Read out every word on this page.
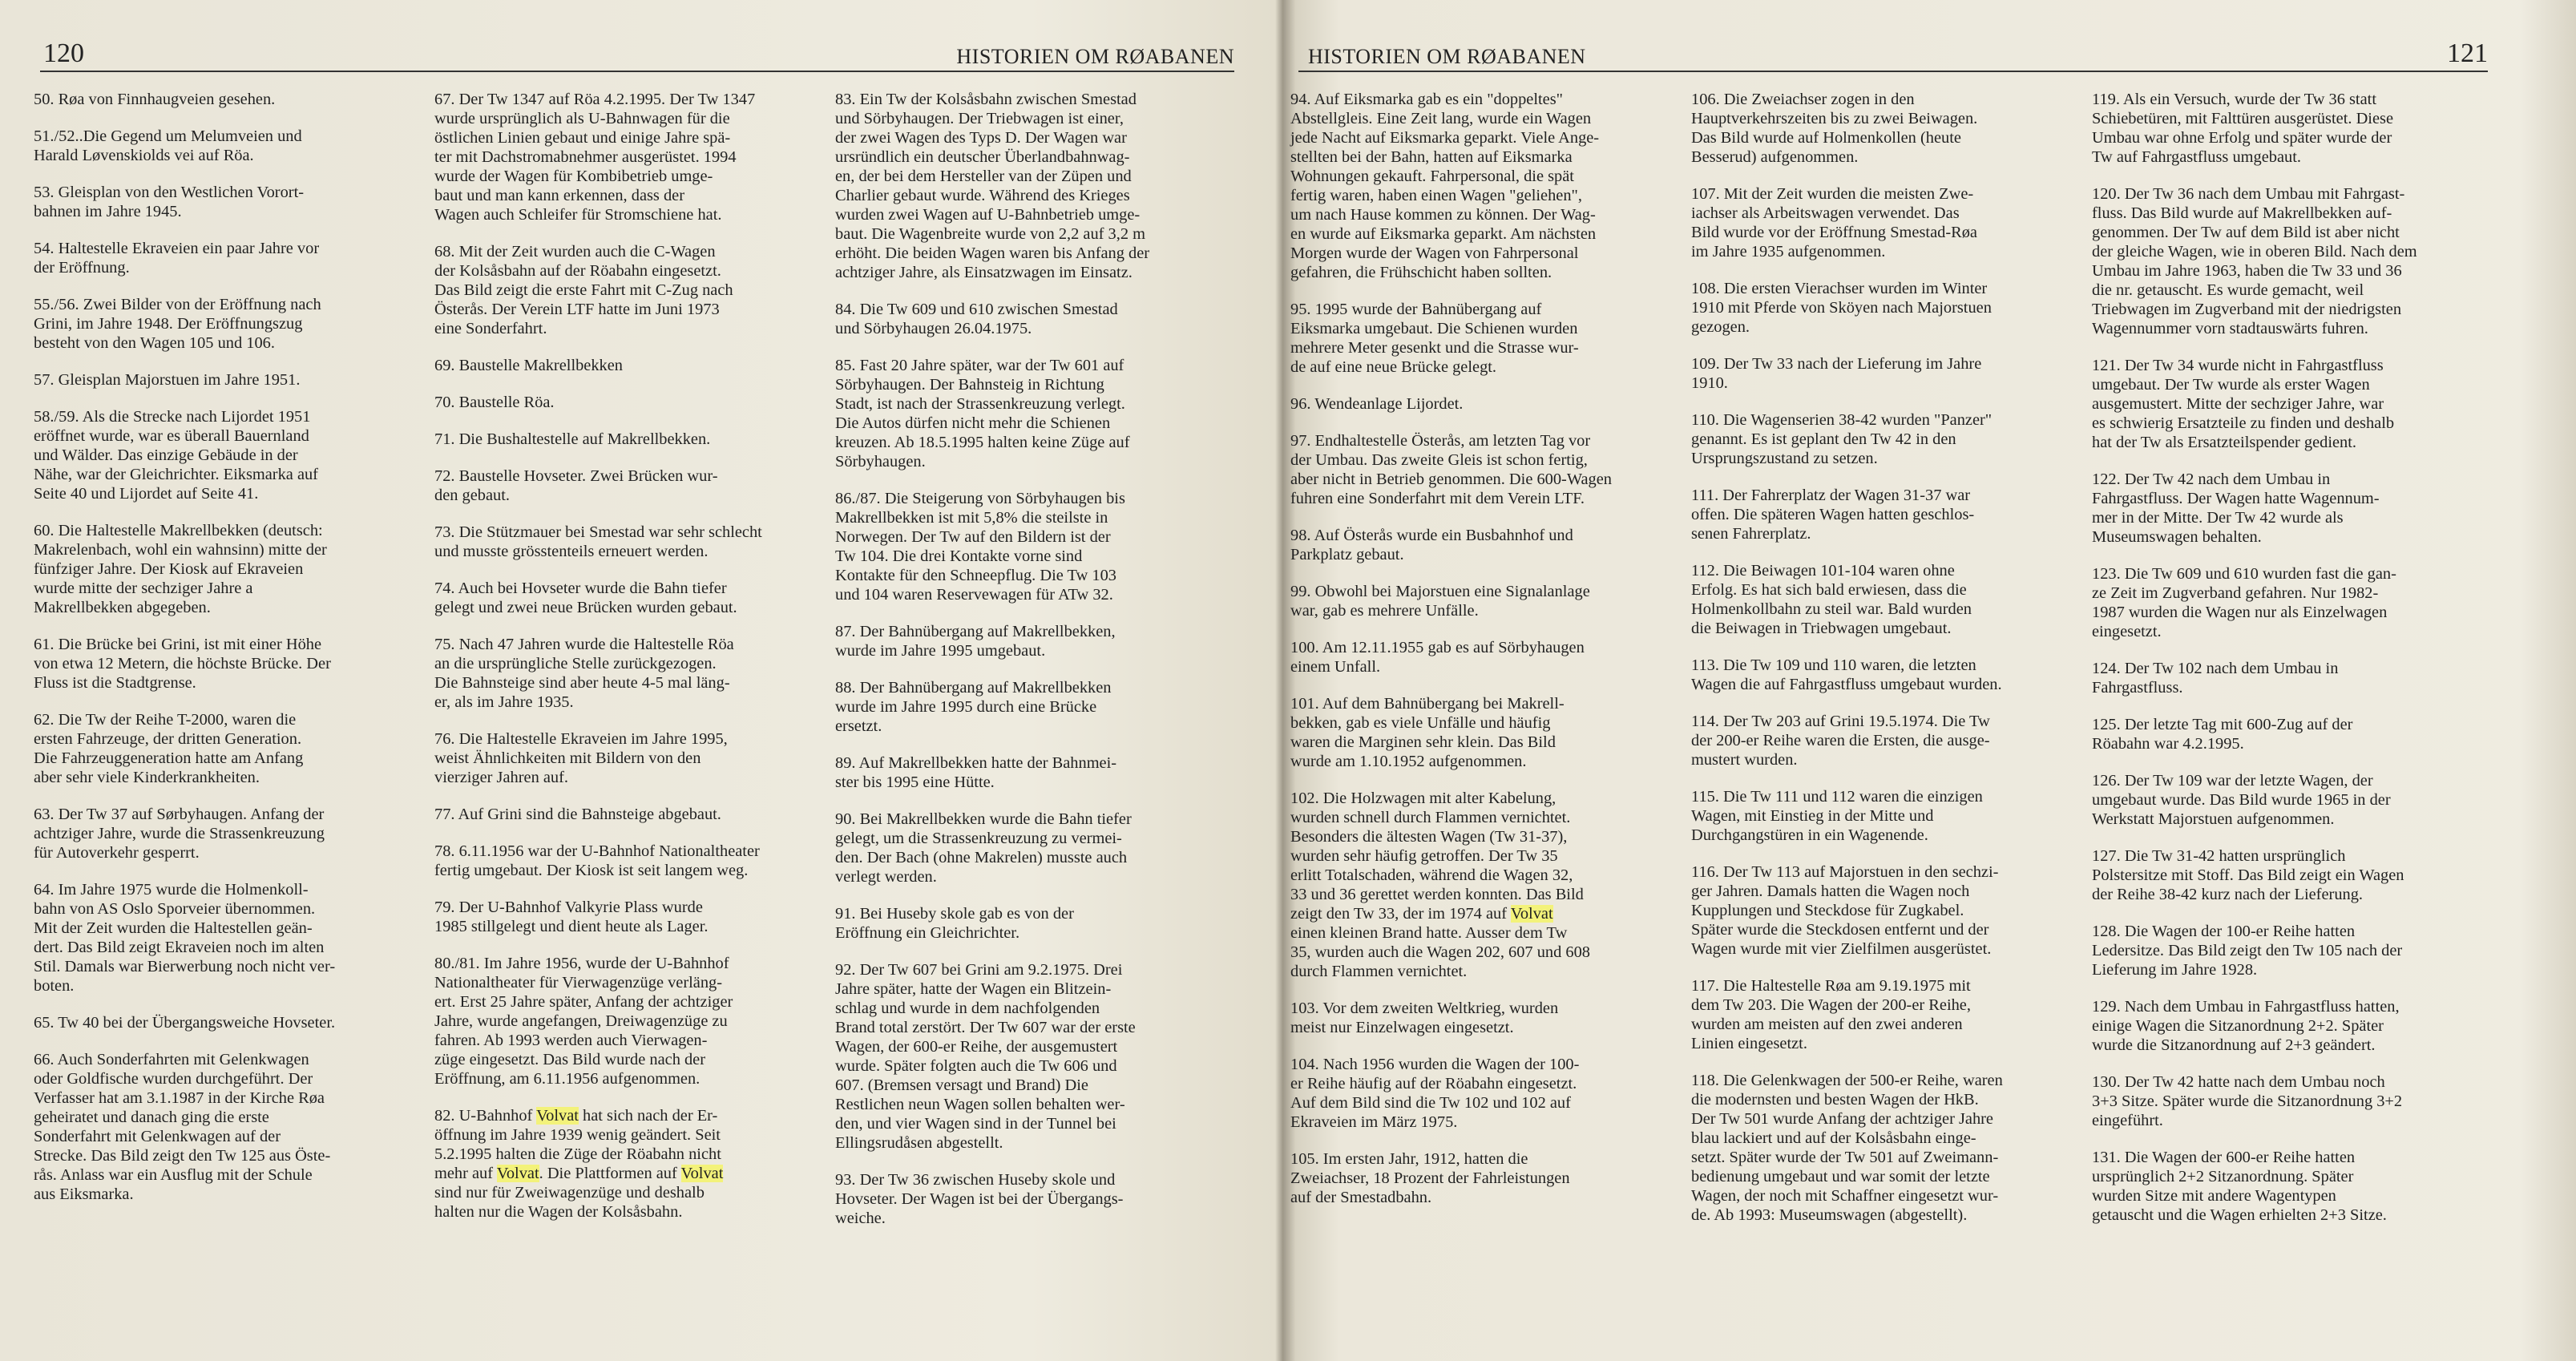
120	HISTORIEN OM RØABANEN

50. Røa von Finnhaugveien gesehen.

51./52..Die Gegend um Melumveien und
Harald Løvenskiolds vei auf Röa.

53. Gleisplan von den Westlichen Vorort-
bahnen im Jahre 1945.

54. Haltestelle Ekraveien ein paar Jahre vor
der Eröffnung.

55./56. Zwei Bilder von der Eröffnung nach
Grini, im Jahre 1948. Der Eröffnungszug
besteht von den Wagen 105 und 106.

57. Gleisplan Majorstuen im Jahre 1951.

58./59. Als die Strecke nach Lijordet 1951
eröffnet wurde, war es überall Bauernland
und Wälder. Das einzige Gebäude in der
Nähe, war der Gleichrichter. Eiksmarka auf
Seite 40 und Lijordet auf Seite 41.

60. Die Haltestelle Makrellbekken (deutsch:
Makrelenbach, wohl ein wahnsinn) mitte der
fünfziger Jahre. Der Kiosk auf Ekraveien
wurde mitte der sechziger Jahre a
Makrellbekken abgegeben.

61. Die Brücke bei Grini, ist mit einer Höhe
von etwa 12 Metern, die höchste Brücke. Der
Fluss ist die Stadtgrense.

62. Die Tw der Reihe T-2000, waren die
ersten Fahrzeuge, der dritten Generation.
Die Fahrzeuggeneration hatte am Anfang
aber sehr viele Kinderkrankheiten.

63. Der Tw 37 auf Sørbyhaugen. Anfang der
achtziger Jahre, wurde die Strassenkreuzung
für Autoverkehr gesperrt.

64. Im Jahre 1975 wurde die Holmenkoll-
bahn von AS Oslo Sporveier übernommen.
Mit der Zeit wurden die Haltestellen geän-
dert. Das Bild zeigt Ekraveien noch im alten
Stil. Damals war Bierwerbung noch nicht ver-
boten.

65. Tw 40 bei der Übergangsweiche Hovseter.

66. Auch Sonderfahrten mit Gelenkwagen
oder Goldfische wurden durchgeführt. Der
Verfasser hat am 3.1.1987 in der Kirche Røa
geheiratet und danach ging die erste
Sonderfahrt mit Gelenkwagen auf der
Strecke. Das Bild zeigt den Tw 125 aus Öste-
rås. Anlass war ein Ausflug mit der Schule
aus Eiksmarka.

67. Der Tw 1347 auf Röa 4.2.1995. Der Tw 1347
wurde ursprünglich als U-Bahnwagen für die
östlichen Linien gebaut und einige Jahre spä-
ter mit Dachstromabnehmer ausgerüstet. 1994
wurde der Wagen für Kombibetrieb umge-
baut und man kann erkennen, dass der
Wagen auch Schleifer für Stromschiene hat.

68. Mit der Zeit wurden auch die C-Wagen
der Kolsåsbahn auf der Röabahn eingesetzt.
Das Bild zeigt die erste Fahrt mit C-Zug nach
Österås. Der Verein LTF hatte im Juni 1973
eine Sonderfahrt.

69. Baustelle Makrellbekken

70. Baustelle Röa.

71. Die Bushaltestelle auf Makrellbekken.

72. Baustelle Hovseter. Zwei Brücken wur-
den gebaut.

73. Die Stützmauer bei Smestad war sehr schlecht
und musste grösstenteils erneuert werden.

74. Auch bei Hovseter wurde die Bahn tiefer
gelegt und zwei neue Brücken wurden gebaut.

75. Nach 47 Jahren wurde die Haltestelle Röa
an die ursprüngliche Stelle zurückgezogen.
Die Bahnsteige sind aber heute 4-5 mal läng-
er, als im Jahre 1935.

76. Die Haltestelle Ekraveien im Jahre 1995,
weist Ähnlichkeiten mit Bildern von den
vierziger Jahren auf.

77. Auf Grini sind die Bahnsteige abgebaut.

78. 6.11.1956 war der U-Bahnhof Nationaltheater
fertig umgebaut. Der Kiosk ist seit langem weg.

79. Der U-Bahnhof Valkyrie Plass wurde
1985 stillgelegt und dient heute als Lager.

80./81. Im Jahre 1956, wurde der U-Bahnhof
Nationaltheater für Vierwagenzüge verläng-
ert. Erst 25 Jahre später, Anfang der achtziger
Jahre, wurde angefangen, Dreiwagenzüge zu
fahren. Ab 1993 werden auch Vierwagen-
züge eingesetzt. Das Bild wurde nach der
Eröffnung, am 6.11.1956 aufgenommen.

82. U-Bahnhof Volvat hat sich nach der Er-
öffnung im Jahre 1939 wenig geändert. Seit
5.2.1995 halten die Züge der Röabahn nicht
mehr auf Volvat. Die Plattformen auf Volvat
sind nur für Zweiwagenzüge und deshalb
halten nur die Wagen der Kolsåsbahn.

83. Ein Tw der Kolsåsbahn zwischen Smestad
und Sörbyhaugen. Der Triebwagen ist einer,
der zwei Wagen des Typs D. Der Wagen war
ursründlich ein deutscher Überlandbahnwag-
en, der bei dem Hersteller van der Züpen und
Charlier gebaut wurde. Während des Krieges
wurden zwei Wagen auf U-Bahnbetrieb umge-
baut. Die Wagenbreite wurde von 2,2 auf 3,2 m
erhöht. Die beiden Wagen waren bis Anfang der
achtziger Jahre, als Einsatzwagen im Einsatz.

84. Die Tw 609 und 610 zwischen Smestad
und Sörbyhaugen 26.04.1975.

85. Fast 20 Jahre später, war der Tw 601 auf
Sörbyhaugen. Der Bahnsteig in Richtung
Stadt, ist nach der Strassenkreuzung verlegt.
Die Autos dürfen nicht mehr die Schienen
kreuzen. Ab 18.5.1995 halten keine Züge auf
Sörbyhaugen.

86./87. Die Steigerung von Sörbyhaugen bis
Makrellbekken ist mit 5,8% die steilste in
Norwegen. Der Tw auf den Bildern ist der
Tw 104. Die drei Kontakte vorne sind
Kontakte für den Schneepflug. Die Tw 103
und 104 waren Reservewagen für ATw 32.

87. Der Bahnübergang auf Makrellbekken,
wurde im Jahre 1995 umgebaut.

88. Der Bahnübergang auf Makrellbekken
wurde im Jahre 1995 durch eine Brücke
ersetzt.

89. Auf Makrellbekken hatte der Bahnmei-
ster bis 1995 eine Hütte.

90. Bei Makrellbekken wurde die Bahn tiefer
gelegt, um die Strassenkreuzung zu vermei-
den. Der Bach (ohne Makrelen) musste auch
verlegt werden.

91. Bei Huseby skole gab es von der
Eröffnung ein Gleichrichter.

92. Der Tw 607 bei Grini am 9.2.1975. Drei
Jahre später, hatte der Wagen ein Blitzein-
schlag und wurde in dem nachfolgenden
Brand total zerstört. Der Tw 607 war der erste
Wagen, der 600-er Reihe, der ausgemustert
wurde. Später folgten auch die Tw 606 und
607. (Bremsen versagt und Brand) Die
Restlichen neun Wagen sollen behalten wer-
den, und vier Wagen sind in der Tunnel bei
Ellingsrudåsen abgestellt.

93. Der Tw 36 zwischen Huseby skole und
Hovseter. Der Wagen ist bei der Übergangs-
weiche.

HISTORIEN OM RØABANEN	121

94. Auf Eiksmarka gab es ein "doppeltes"
Abstellgleis. Eine Zeit lang, wurde ein Wagen
jede Nacht auf Eiksmarka geparkt. Viele Ange-
stellten bei der Bahn, hatten auf Eiksmarka
Wohnungen gekauft. Fahrpersonal, die spät
fertig waren, haben einen Wagen "geliehen",
um nach Hause kommen zu können. Der Wag-
en wurde auf Eiksmarka geparkt. Am nächsten
Morgen wurde der Wagen von Fahrpersonal
gefahren, die Frühschicht haben sollten.

95. 1995 wurde der Bahnübergang auf
Eiksmarka umgebaut. Die Schienen wurden
mehrere Meter gesenkt und die Strasse wur-
de auf eine neue Brücke gelegt.

96. Wendeanlage Lijordet.

97. Endhaltestelle Österås, am letzten Tag vor
der Umbau. Das zweite Gleis ist schon fertig,
aber nicht in Betrieb genommen. Die 600-Wagen
fuhren eine Sonderfahrt mit dem Verein LTF.

98. Auf Österås wurde ein Busbahnhof und
Parkplatz gebaut.

99. Obwohl bei Majorstuen eine Signalanlage
war, gab es mehrere Unfälle.

100. Am 12.11.1955 gab es auf Sörbyhaugen
einem Unfall.

101. Auf dem Bahnübergang bei Makrell-
bekken, gab es viele Unfälle und häufig
waren die Marginen sehr klein. Das Bild
wurde am 1.10.1952 aufgenommen.

102. Die Holzwagen mit alter Kabelung,
wurden schnell durch Flammen vernichtet.
Besonders die ältesten Wagen (Tw 31-37),
wurden sehr häufig getroffen. Der Tw 35
erlitt Totalschaden, während die Wagen 32,
33 und 36 gerettet werden konnten. Das Bild
zeigt den Tw 33, der im 1974 auf Volvat
einen kleinen Brand hatte. Ausser dem Tw
35, wurden auch die Wagen 202, 607 und 608
durch Flammen vernichtet.

103. Vor dem zweiten Weltkrieg, wurden
meist nur Einzelwagen eingesetzt.

104. Nach 1956 wurden die Wagen der 100-
er Reihe häufig auf der Röabahn eingesetzt.
Auf dem Bild sind die Tw 102 und 102 auf
Ekraveien im März 1975.

105. Im ersten Jahr, 1912, hatten die
Zweiachser, 18 Prozent der Fahrleistungen
auf der Smestadbahn.

106. Die Zweiachser zogen in den
Hauptverkehrszeiten bis zu zwei Beiwagen.
Das Bild wurde auf Holmenkollen (heute
Besserud) aufgenommen.

107. Mit der Zeit wurden die meisten Zwe-
iachser als Arbeitswagen verwendet. Das
Bild wurde vor der Eröffnung Smestad-Røa
im Jahre 1935 aufgenommen.

108. Die ersten Vierachser wurden im Winter
1910 mit Pferde von Sköyen nach Majorstuen
gezogen.

109. Der Tw 33 nach der Lieferung im Jahre
1910.

110. Die Wagenserien 38-42 wurden "Panzer"
genannt. Es ist geplant den Tw 42 in den
Ursprungszustand zu setzen.

111. Der Fahrerplatz der Wagen 31-37 war
offen. Die späteren Wagen hatten geschlos-
senen Fahrerplatz.

112. Die Beiwagen 101-104 waren ohne
Erfolg. Es hat sich bald erwiesen, dass die
Holmenkollbahn zu steil war. Bald wurden
die Beiwagen in Triebwagen umgebaut.

113. Die Tw 109 und 110 waren, die letzten
Wagen die auf Fahrgastfluss umgebaut wurden.

114. Der Tw 203 auf Grini 19.5.1974. Die Tw
der 200-er Reihe waren die Ersten, die ausge-
mustert wurden.

115. Die Tw 111 und 112 waren die einzigen
Wagen, mit Einstieg in der Mitte und
Durchgangstüren in ein Wagenende.

116. Der Tw 113 auf Majorstuen in den sechzi-
ger Jahren. Damals hatten die Wagen noch
Kupplungen und Steckdose für Zugkabel.
Später wurde die Steckdosen entfernt und der
Wagen wurde mit vier Zielfilmen ausgerüstet.

117. Die Haltestelle Røa am 9.19.1975 mit
dem Tw 203. Die Wagen der 200-er Reihe,
wurden am meisten auf den zwei anderen
Linien eingesetzt.

118. Die Gelenkwagen der 500-er Reihe, waren
die modernsten und besten Wagen der HkB.
Der Tw 501 wurde Anfang der achtziger Jahre
blau lackiert und auf der Kolsåsbahn einge-
setzt. Später wurde der Tw 501 auf Zweimann-
bedienung umgebaut und war somit der letzte
Wagen, der noch mit Schaffner eingesetzt wur-
de. Ab 1993: Museumswagen (abgestellt).

119. Als ein Versuch, wurde der Tw 36 statt
Schiebetüren, mit Falttüren ausgerüstet. Diese
Umbau war ohne Erfolg und später wurde der
Tw auf Fahrgastfluss umgebaut.

120. Der Tw 36 nach dem Umbau mit Fahrgast-
fluss. Das Bild wurde auf Makrellbekken auf-
genommen. Der Tw auf dem Bild ist aber nicht
der gleiche Wagen, wie in oberen Bild. Nach dem
Umbau im Jahre 1963, haben die Tw 33 und 36
die nr. getauscht. Es wurde gemacht, weil
Triebwagen im Zugverband mit der niedrigsten
Wagennummer vorn stadtauswärts fuhren.

121. Der Tw 34 wurde nicht in Fahrgastfluss
umgebaut. Der Tw wurde als erster Wagen
ausgemustert. Mitte der sechziger Jahre, war
es schwierig Ersatzteile zu finden und deshalb
hat der Tw als Ersatzteilspender gedient.

122. Der Tw 42 nach dem Umbau in
Fahrgastfluss. Der Wagen hatte Wagennum-
mer in der Mitte. Der Tw 42 wurde als
Museumswagen behalten.

123. Die Tw 609 und 610 wurden fast die gan-
ze Zeit im Zugverband gefahren. Nur 1982-
1987 wurden die Wagen nur als Einzelwagen
eingesetzt.

124. Der Tw 102 nach dem Umbau in
Fahrgastfluss.

125. Der letzte Tag mit 600-Zug auf der
Röabahn war 4.2.1995.

126. Der Tw 109 war der letzte Wagen, der
umgebaut wurde. Das Bild wurde 1965 in der
Werkstatt Majorstuen aufgenommen.

127. Die Tw 31-42 hatten ursprünglich
Polstersitze mit Stoff. Das Bild zeigt ein Wagen
der Reihe 38-42 kurz nach der Lieferung.

128. Die Wagen der 100-er Reihe hatten
Ledersitze. Das Bild zeigt den Tw 105 nach der
Lieferung im Jahre 1928.

129. Nach dem Umbau in Fahrgastfluss hatten,
einige Wagen die Sitzanordnung 2+2. Später
wurde die Sitzanordnung auf 2+3 geändert.

130. Der Tw 42 hatte nach dem Umbau noch
3+3 Sitze. Später wurde die Sitzanordnung 3+2
eingeführt.

131. Die Wagen der 600-er Reihe hatten
ursprünglich 2+2 Sitzanordnung. Später
wurden Sitze mit andere Wagentypen
getauscht und die Wagen erhielten 2+3 Sitze.
